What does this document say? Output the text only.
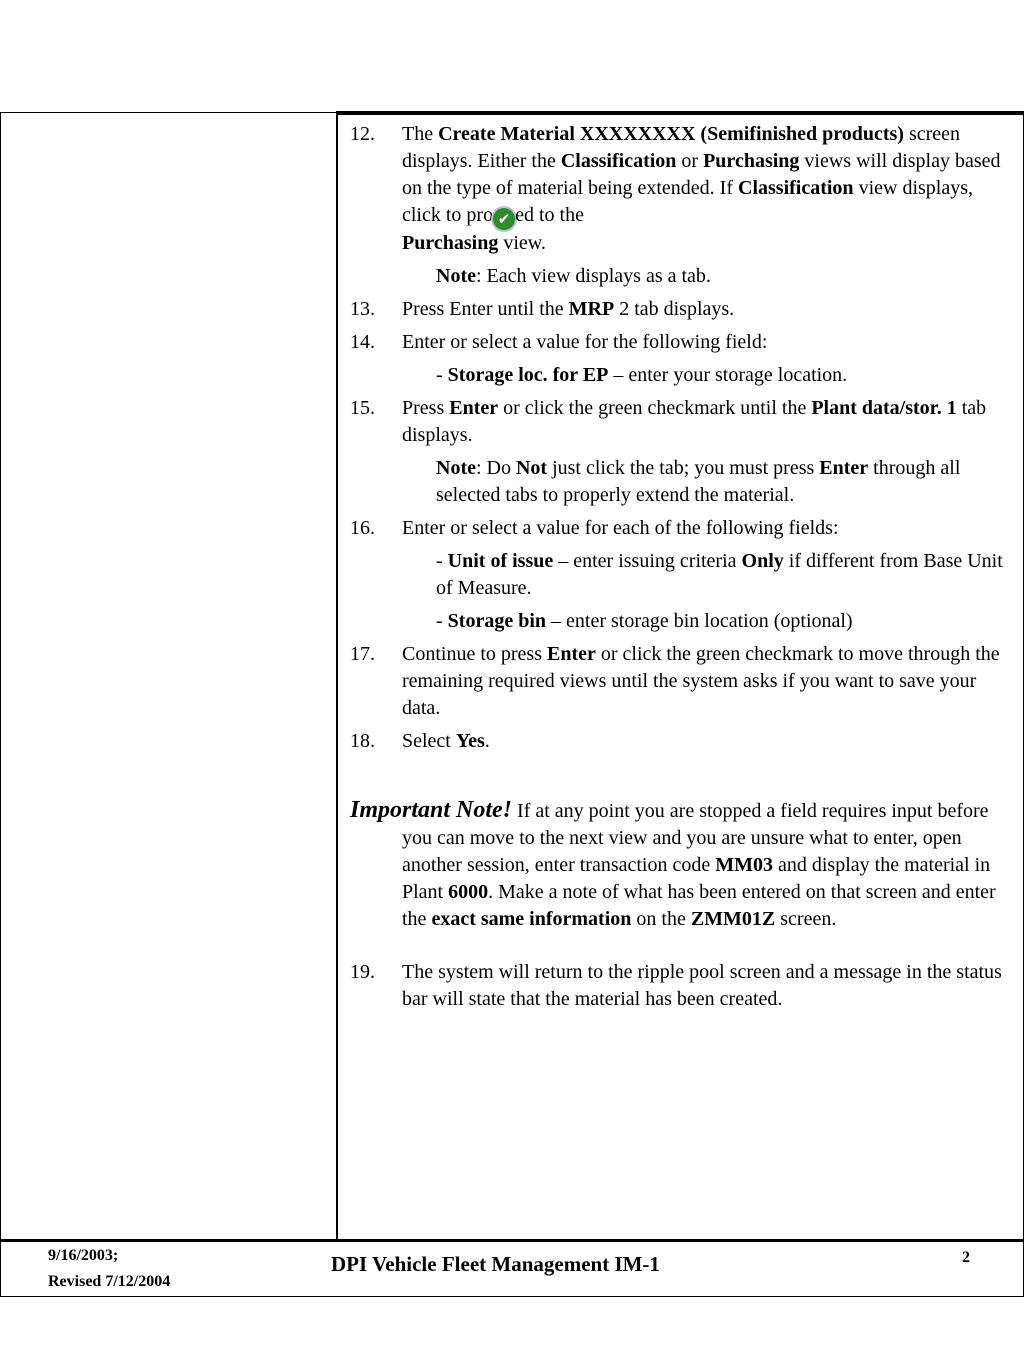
12. The Create Material XXXXXXXX (Semifinished products) screen displays. Either the Classification or Purchasing views will display based on the type of material being extended. If Classification view displays, click to pro ✔ ed to the
Purchasing view.
Note: Each view displays as a tab.
13. Press Enter until the MRP 2 tab displays.
14. Enter or select a value for the following field:
- Storage loc. for EP – enter your storage location.
15. Press Enter or click the green checkmark until the Plant data/stor. 1 tab displays.
Note: Do Not just click the tab; you must press Enter through all selected tabs to properly extend the material.
16. Enter or select a value for each of the following fields:
- Unit of issue – enter issuing criteria Only if different from Base Unit of Measure.
- Storage bin – enter storage bin location (optional)
17. Continue to press Enter or click the green checkmark to move through the remaining required views until the system asks if you want to save your data.
18. Select Yes.
Important Note! If at any point you are stopped a field requires input before you can move to the next view and you are unsure what to enter, open another session, enter transaction code MM03 and display the material in Plant 6000. Make a note of what has been entered on that screen and enter the exact same information on the ZMM01Z screen.
19. The system will return to the ripple pool screen and a message in the status bar will state that the material has been created.
9/16/2003;
Revised 7/12/2004
DPI Vehicle Fleet Management IM-1	2
